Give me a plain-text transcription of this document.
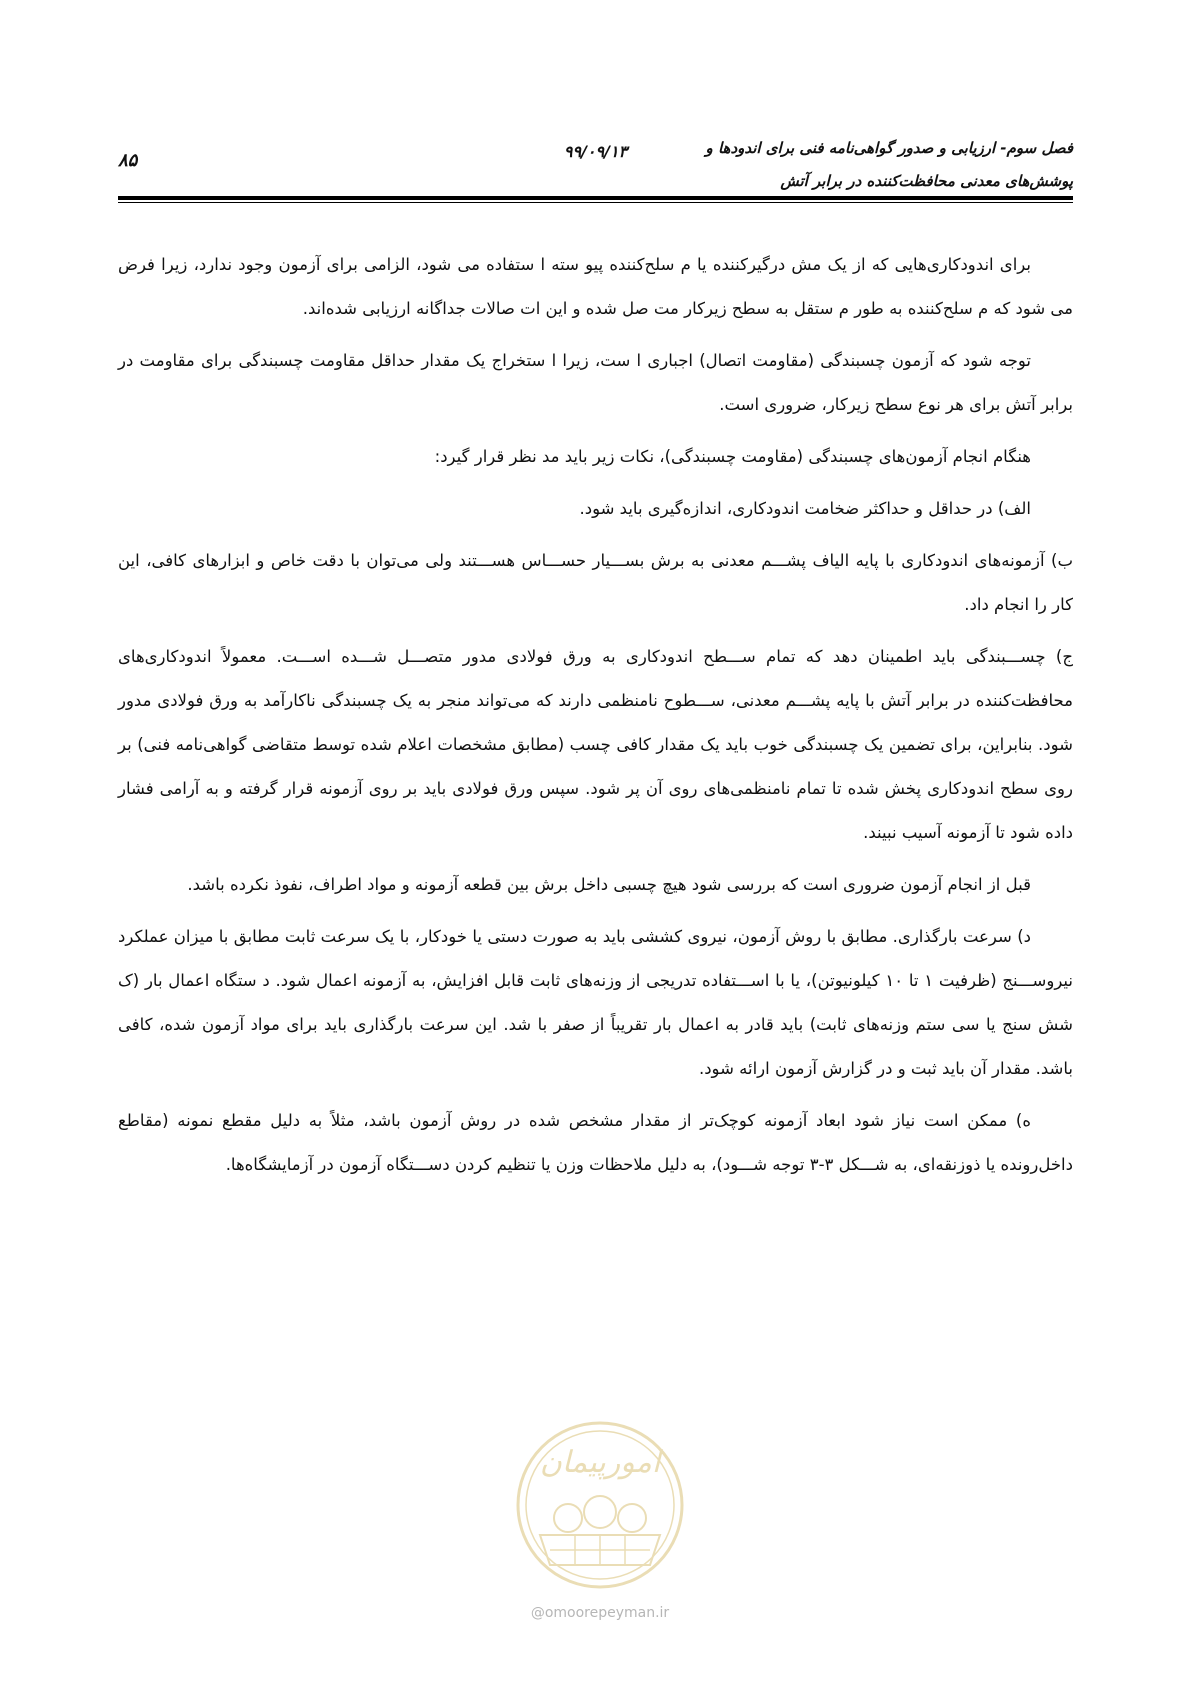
فصل سوم- ارزیابی و صدور گواهی‌نامه فنی برای اندودها و
پوشش‌های معدنی محافظت‌کننده در برابر آتش
۹۹/۰۹/۱۳
۸۵

برای اندودکاری‌هایی که از یک مش درگیرکننده یا م سلح‌کننده پیو سته ا ستفاده می شود، الزامی برای آزمون وجود ندارد، زیرا فرض می شود که م سلح‌کننده به طور م ستقل به سطح زیرکار مت صل شده و این ات صالات جداگانه ارزیابی شده‌اند.

توجه شود که آزمون چسبندگی (مقاومت اتصال) اجباری ا ست، زیرا ا ستخراج یک مقدار حداقل مقاومت چسبندگی برای مقاومت در برابر آتش برای هر نوع سطح زیرکار، ضروری است.

هنگام انجام آزمون‌های چسبندگی (مقاومت چسبندگی)، نکات زیر باید مد نظر قرار گیرد:

الف) در حداقل و حداکثر ضخامت اندودکاری، اندازه‌گیری باید شود.

ب) آزمونه‌های اندودکاری با پایه الیاف پشـــم معدنی به برش بســـیار حســـاس هســـتند ولی می‌توان با دقت خاص و ابزارهای کافی، این کار را انجام داد.

ج) چســـبندگی باید اطمینان دهد که تمام ســـطح اندودکاری به ورق فولادی مدور متصـــل شـــده اســـت. معمولاً اندودکاری‌های محافظت‌کننده در برابر آتش با پایه پشـــم معدنی، ســـطوح نامنظمی دارند که می‌تواند منجر به یک چسبندگی ناکارآمد به ورق فولادی مدور شود. بنابراین، برای تضمین یک چسبندگی خوب باید یک مقدار کافی چسب (مطابق مشخصات اعلام شده توسط متقاضی گواهی‌نامه فنی) بر روی سطح اندودکاری پخش شده تا تمام نامنظمی‌های روی آن پر شود. سپس ورق فولادی باید بر روی آزمونه قرار گرفته و به آرامی فشار داده شود تا آزمونه آسیب نبیند.

قبل از انجام آزمون ضروری است که بررسی شود هیچ چسبی داخل برش بین قطعه آزمونه و مواد اطراف، نفوذ نکرده باشد.

د) سرعت بارگذاری. مطابق با روش آزمون، نیروی کششی باید به صورت دستی یا خودکار، با یک سرعت ثابت مطابق با میزان عملکرد نیروســـنج (ظرفیت ۱ تا ۱۰ کیلونیوتن)، یا با اســـتفاده تدریجی از وزنه‌های ثابت قابل افزایش، به آزمونه اعمال شود. د ستگاه اعمال بار (ک شش سنج یا سی ستم وزنه‌های ثابت) باید قادر به اعمال بار تقریباً از صفر با شد. این سرعت بارگذاری باید برای مواد آزمون شده، کافی باشد. مقدار آن باید ثبت و در گزارش آزمون ارائه شود.

ه) ممکن است نیاز شود ابعاد آزمونه کوچک‌تر از مقدار مشخص شده در روش آزمون باشد، مثلاً به دلیل مقطع نمونه (مقاطع داخل‌رونده یا ذوزنقه‌ای، به شـــکل ۳-۳ توجه شـــود)، به دلیل ملاحظات وزن یا تنظیم کردن دســـتگاه آزمون در آزمایشگاه‌ها.

امورپیمان
@omoorepeyman.ir
